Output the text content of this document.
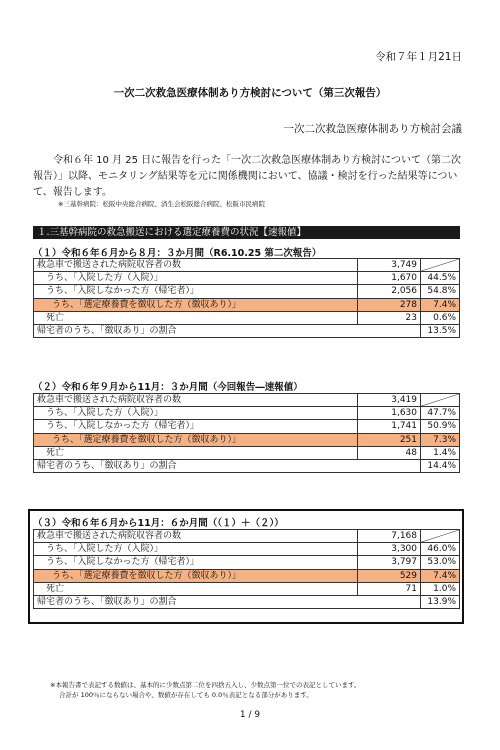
令和７年１月21日
一次二次救急医療体制あり方検討について（第三次報告）
一次二次救急医療体制あり方検討会議
令和６年 10 月 25 日に報告を行った「一次二次救急医療体制あり方検討について（第二次報告）」以降、モニタリング結果等を元に関係機関において、協議・検討を行った結果等について、報告します。
※三基幹病院：松阪中央総合病院、済生会松阪総合病院、松阪市民病院
１.三基幹病院の救急搬送における選定療養費の状況【速報値】
（１）令和６年６月から８月：３か月間（R6.10.25 第二次報告）
救急車で搬送された病院収容者の数	3,749	

うち、「入院した方（入院）」	1,670	44.5%
うち、「入院しなかった方（帰宅者）」	2,056	54.8%
うち、「選定療養費を徴収した方（徴収あり）」	278	7.4%
死亡	23	0.6%
帰宅者のうち、「徴収あり」の割合		13.5%
（２）令和６年９月から11月：３か月間（今回報告―速報値）
救急車で搬送された病院収容者の数	3,419	

うち、「入院した方（入院）」	1,630	47.7%
うち、「入院しなかった方（帰宅者）」	1,741	50.9%
うち、「選定療養費を徴収した方（徴収あり）」	251	7.3%
死亡	48	1.4%
帰宅者のうち、「徴収あり」の割合		14.4%
（３）令和６年６月から11月：６か月間（（１）＋（２））
救急車で搬送された病院収容者の数	7,168	

うち、「入院した方（入院）」	3,300	46.0%
うち、「入院しなかった方（帰宅者）」	3,797	53.0%
うち、「選定療養費を徴収した方（徴収あり）」	529	7.4%
死亡	71	1.0%
帰宅者のうち、「徴収あり」の割合		13.9%
※本報告書で表記する数値は、基本的に少数点第二位を四捨五入し、少数点第一位での表記としています。
合計が 100％にならない場合や、数値が存在しても 0.0％表記となる部分があります。
1 / 9
